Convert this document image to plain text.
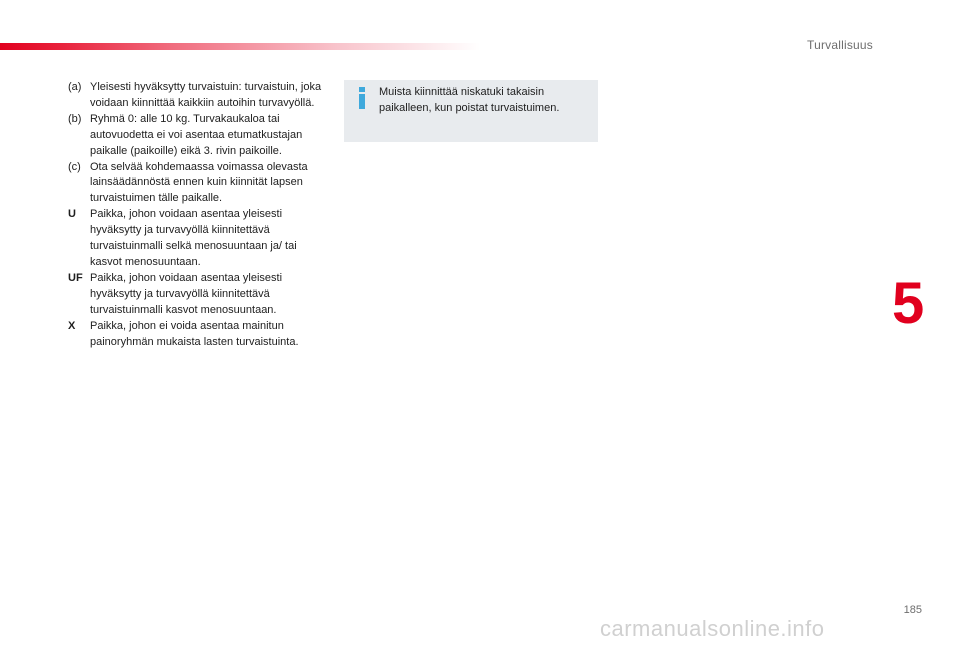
Turvallisuus
(a) Yleisesti hyväksytty turvaistuin: turvaistuin, joka voidaan kiinnittää kaikkiin autoihin turvavyöllä.
(b) Ryhmä 0: alle 10 kg. Turvakaukaloa tai autovuodetta ei voi asentaa etumatkustajan paikalle (paikoille) eikä 3. rivin paikoille.
(c) Ota selvää kohdemaassa voimassa olevasta lainsäädännöstä ennen kuin kiinnität lapsen turvaistuimen tälle paikalle.
U	Paikka, johon voidaan asentaa yleisesti hyväksytty ja turvavyöllä kiinnitettävä turvaistuinmalli selkä menosuuntaan ja/ tai kasvot menosuuntaan.
UF Paikka, johon voidaan asentaa yleisesti hyväksytty ja turvavyöllä kiinnitettävä turvaistuinmalli kasvot menosuuntaan.
X	Paikka, johon ei voida asentaa mainitun painoryhmän mukaista lasten turvaistuinta.
Muista kiinnittää niskatuki takaisin paikalleen, kun poistat turvaistuimen.
5
185
carmanualsonline.info
